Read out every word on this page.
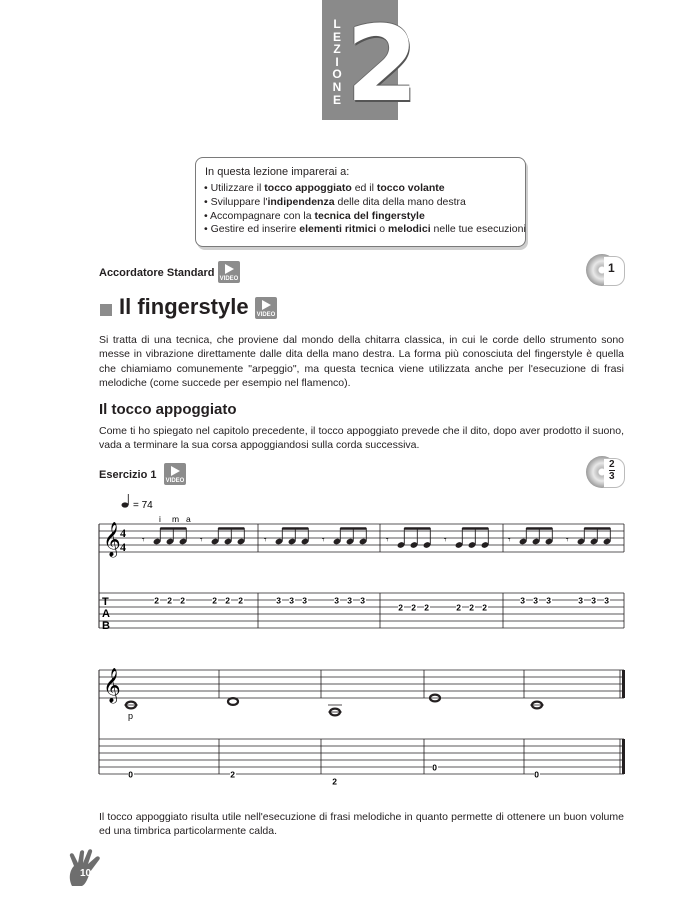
L
E
Z
I
O
N
E 2
In questa lezione imparerai a:
• Utilizzare il tocco appoggiato ed il tocco volante
• Sviluppare l'indipendenza delle dita della mano destra
• Accompagnare con la tecnica del fingerstyle
• Gestire ed inserire elementi ritmici o melodici nelle tue esecuzioni
Accordatore Standard VIDEO
1
Il fingerstyle VIDEO
Si tratta di una tecnica, che proviene dal mondo della chitarra classica, in cui le corde dello strumento sono messe in vibrazione direttamente dalle dita della mano destra. La forma più conosciuta del fingerstyle è quella che chiamiamo comunemente "arpeggio", ma questa tecnica viene utilizzata anche per l'esecuzione di frasi melodiche (come succede per esempio nel flamenco).
Il tocco appoggiato
Come ti ho spiegato nel capitolo precedente, il tocco appoggiato prevede che il dito, dopo aver prodotto il suono, vada a terminare la sua corsa appoggiandosi sulla corda successiva.
Esercizio 1 VIDEO	$\frac{2}{3}$
𝄞 4
4
T
A
B
= 74
i m a
𝄾
2 2 2
𝄾
2 2 2
𝄾
3 3 3
𝄾
3 3 3
𝄾
2 2 2
𝄾
2 2 2
𝄾
3 3 3
𝄾
3 3 3
𝄞
0	2
2
0
0
p
Il tocco appoggiato risulta utile nell'esecuzione di frasi melodiche in quanto permette di ottenere un buon volume ed una timbrica particolarmente calda.
10
